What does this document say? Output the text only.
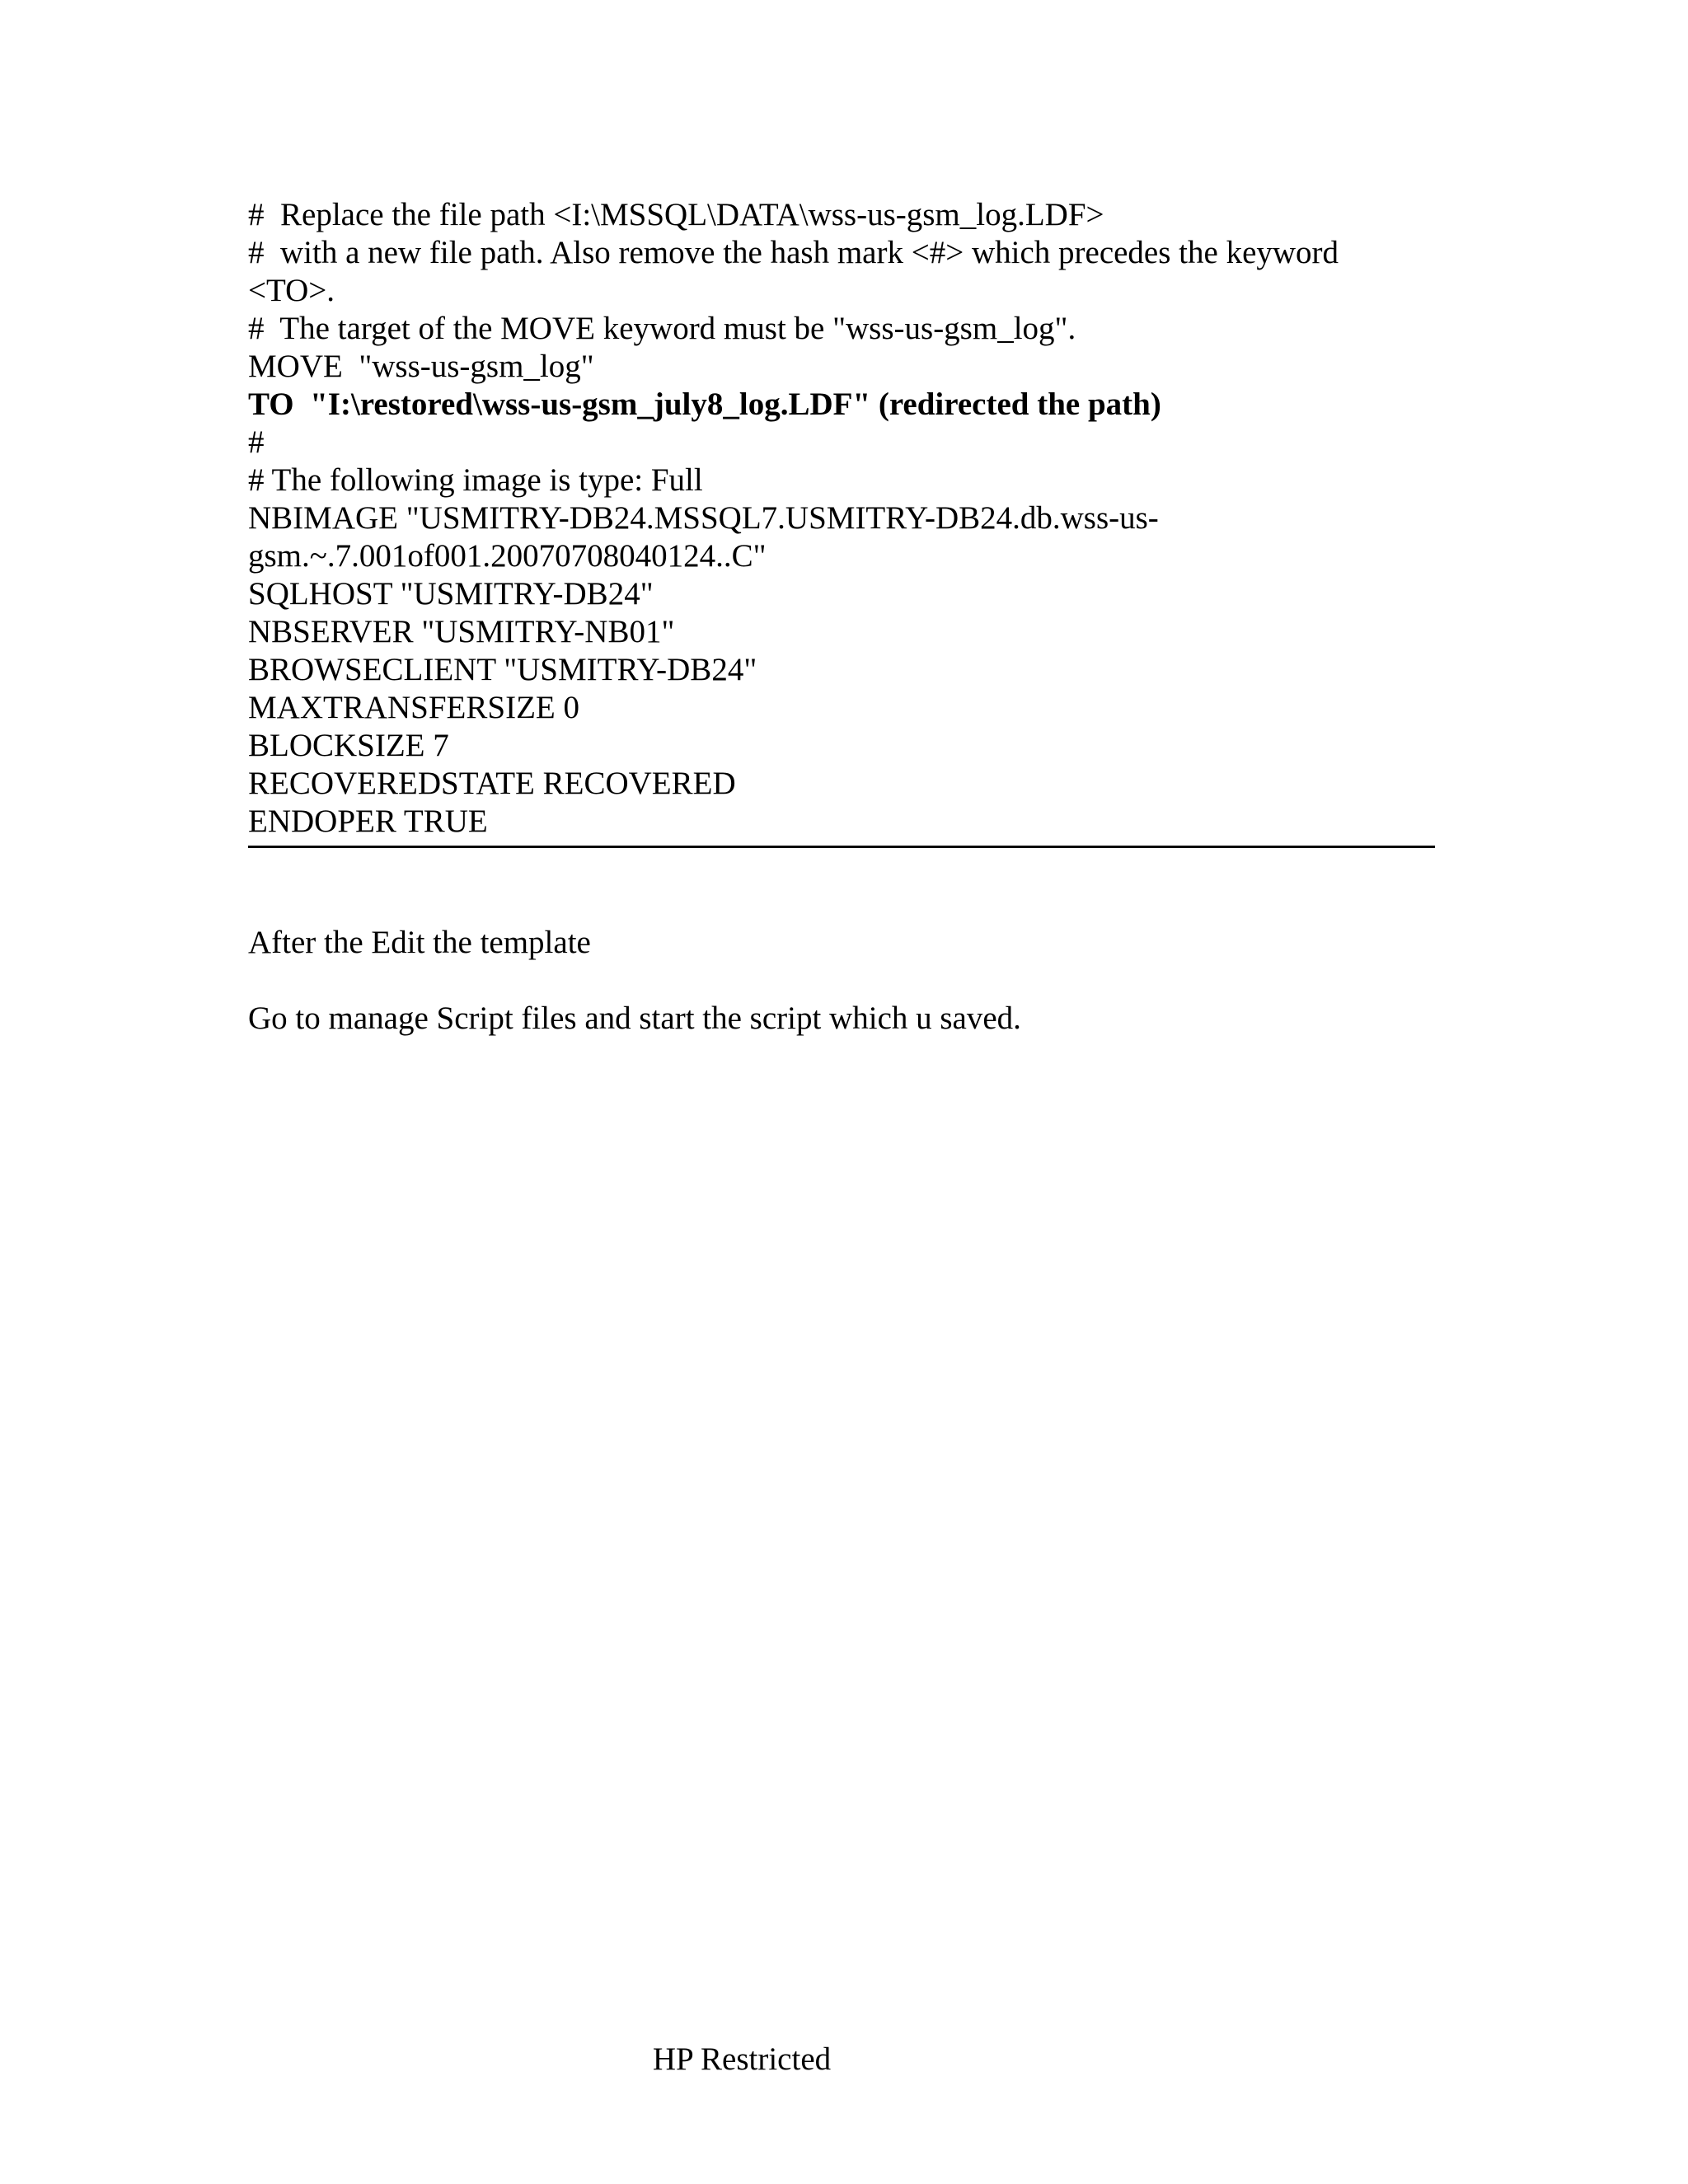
#  Replace the file path <I:\MSSQL\DATA\wss-us-gsm_log.LDF>

#  with a new file path. Also remove the hash mark <#> which precedes the keyword

<TO>.

#  The target of the MOVE keyword must be "wss-us-gsm_log".

MOVE  "wss-us-gsm_log"

TO  "I:\restored\wss-us-gsm_july8_log.LDF" (redirected the path)

#

# The following image is type: Full

NBIMAGE "USMITRY-DB24.MSSQL7.USMITRY-DB24.db.wss-us-

gsm.~.7.001of001.20070708040124..C"

SQLHOST "USMITRY-DB24"

NBSERVER "USMITRY-NB01"

BROWSECLIENT "USMITRY-DB24"

MAXTRANSFERSIZE 0

BLOCKSIZE 7

RECOVEREDSTATE RECOVERED

ENDOPER TRUE

After the Edit the template

Go to manage Script files and start the script which u saved.

HP Restricted
